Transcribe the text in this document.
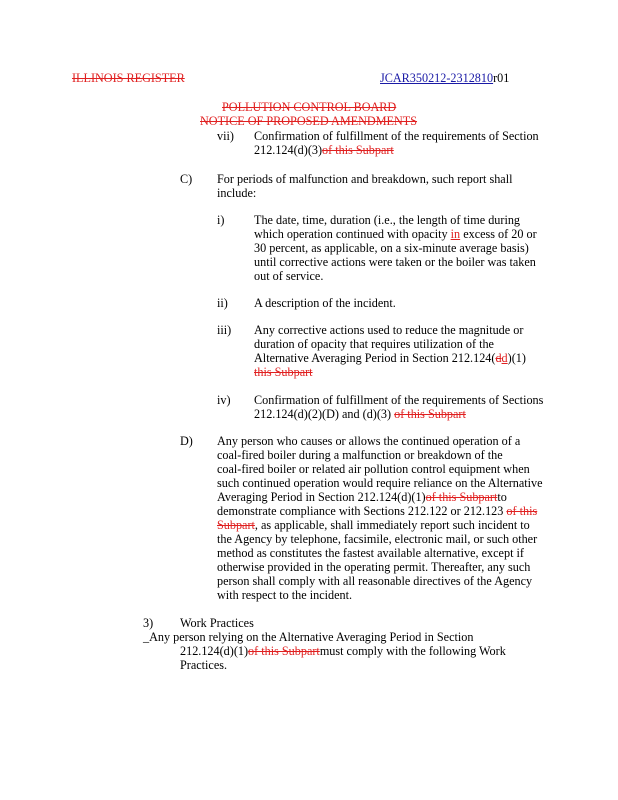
ILLINOIS REGISTER	JCAR350212-2312810r01
POLLUTION CONTROL BOARD
NOTICE OF PROPOSED AMENDMENTS
vii) Confirmation of fulfillment of the requirements of Section
212.124(d)(3)of this Subpart
C) For periods of malfunction and breakdown, such report shall
include:
i) The date, time, duration (i.e., the length of time during
which operation continued with opacity in excess of 20 or
30 percent, as applicable, on a six-minute average basis)
until corrective actions were taken or the boiler was taken
out of service.
ii) A description of the incident.
iii) Any corrective actions used to reduce the magnitude or
duration of opacity that requires utilization of the
Alternative Averaging Period in Section 212.124(dd)(1)
this Subpart
iv) Confirmation of fulfillment of the requirements of Sections
212.124(d)(2)(D) and (d)(3) of this Subpart
D) Any person who causes or allows the continued operation of a
coal-fired boiler during a malfunction or breakdown of the
coal-fired boiler or related air pollution control equipment when
such continued operation would require reliance on the Alternative
Averaging Period in Section 212.124(d)(1)of this Subpartto
demonstrate compliance with Sections 212.122 or 212.123 of this
Subpart, as applicable, shall immediately report such incident to
the Agency by telephone, facsimile, electronic mail, or such other
method as constitutes the fastest available alternative, except if
otherwise provided in the operating permit. Thereafter, any such
person shall comply with all reasonable directives of the Agency
with respect to the incident.
3) Work Practices
_Any person relying on the Alternative Averaging Period in Section
212.124(d)(1)of this Subpartmust comply with the following Work
Practices.
